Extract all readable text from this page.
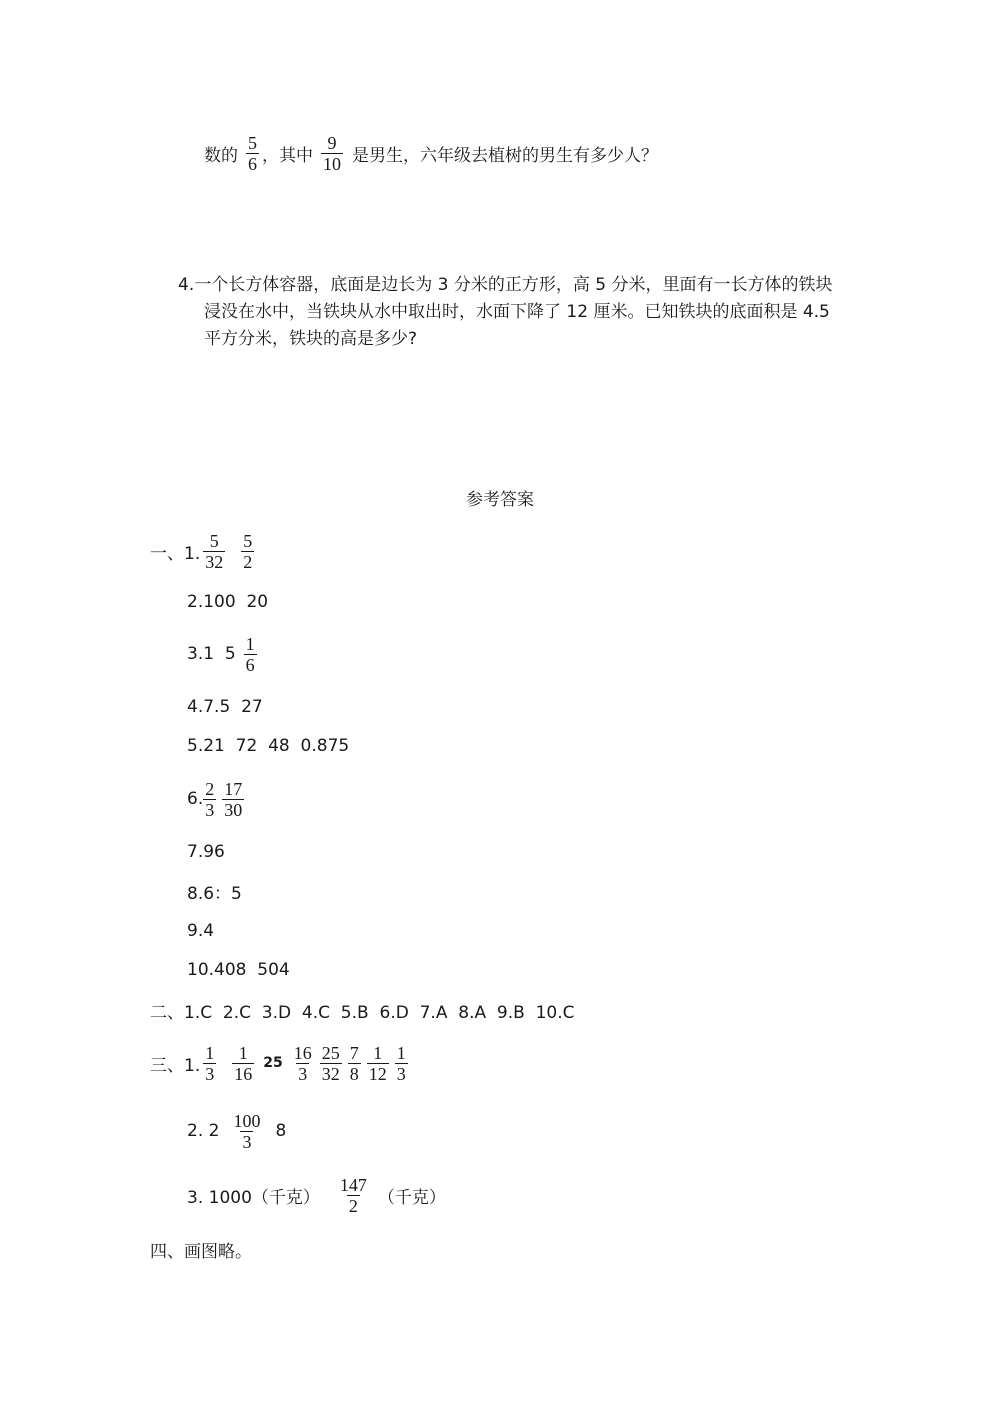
数的 $\frac{5}{6}$ ，其中 $\frac{9}{10}$ 是男生，六年级去植树的男生有多少人？
4.一个长方体容器，底面是边长为 3 分米的正方形，高 5 分米，里面有一长方体的铁块
浸没在水中，当铁块从水中取出时，水面下降了 12 厘米。已知铁块的底面积是 4.5
平方分米，铁块的高是多少?
参考答案
一、1. $\frac{5}{32} \frac{5}{2}$
2.100  20
3.1  $5 \frac{1}{6}$
4.7.5  27
5.21  72  48  0.875
6. $\frac{2}{3} \frac{17}{30}$
7.96
8.6：5
9.4
10.408  504
二、1.C  2.C  3.D  4.C  5.B  6.D  7.A  8.A  9.B  10.C
三、1. $\frac{1}{3} \frac{1}{16} 25 \frac{16}{3} \frac{25}{32} \frac{7}{8} \frac{1}{12} \frac{1}{3}$
2. $2 \frac{100}{3} 8$
3. 1000（千克） $\frac{147}{2}$ （千克）
四、画图略。
